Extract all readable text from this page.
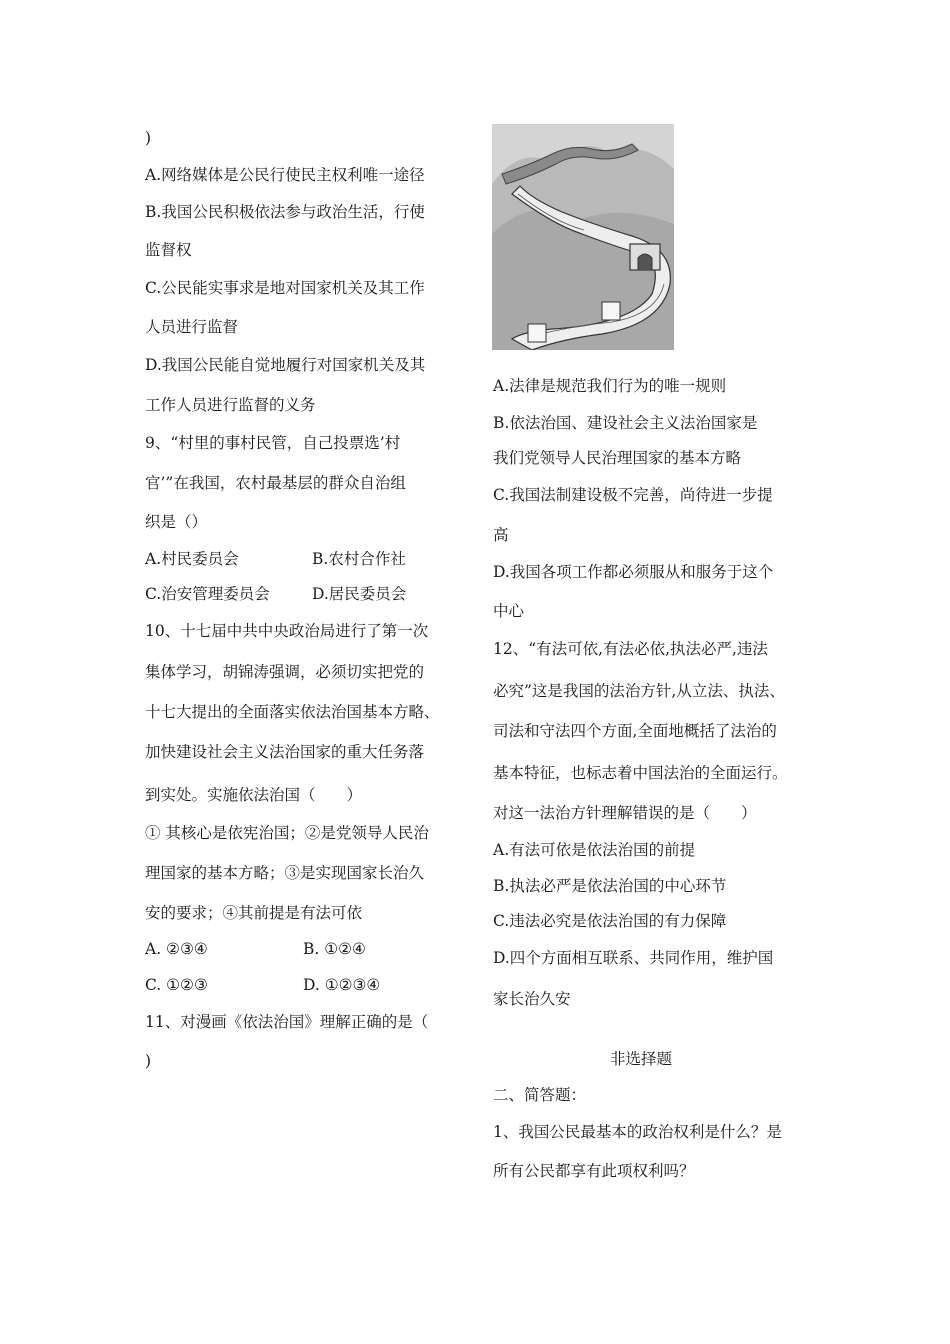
)
A.网络媒体是公民行使民主权利唯一途径
B.我国公民积极依法参与政治生活，行使
监督权
C.公民能实事求是地对国家机关及其工作
人员进行监督
D.我国公民能自觉地履行对国家机关及其
工作人员进行监督的义务
9、“村里的事村民管，自己投票选’村
官’”在我国，农村最基层的群众自治组
织是（）
A.村民委员会	B.农村合作社
C.治安管理委员会	D.居民委员会
10、十七届中共中央政治局进行了第一次
集体学习，胡锦涛强调，必须切实把党的
十七大提出的全面落实依法治国基本方略、
加快建设社会主义法治国家的重大任务落
到实处。实施依法治国（　　）
① 其核心是依宪治国；②是党领导人民治
理国家的基本方略；③是实现国家长治久
安的要求；④其前提是有法可依
A. ②③④	B. ①②④
C. ①②③	D. ①②③④
11、对漫画《依法治国》理解正确的是（
)
A.法律是规范我们行为的唯一规则
B.依法治国、建设社会主义法治国家是
我们党领导人民治理国家的基本方略
C.我国法制建设极不完善，尚待进一步提
高
D.我国各项工作都必须服从和服务于这个
中心
12、“有法可依,有法必依,执法必严,违法
必究”这是我国的法治方针,从立法、执法、
司法和守法四个方面,全面地概括了法治的
基本特征，也标志着中国法治的全面运行。
对这一法治方针理解错误的是（　　）
A.有法可依是依法治国的前提
B.执法必严是依法治国的中心环节
C.违法必究是依法治国的有力保障
D.四个方面相互联系、共同作用，维护国
家长治久安
非选择题
二、简答题：
1、我国公民最基本的政治权利是什么？是
所有公民都享有此项权利吗？
